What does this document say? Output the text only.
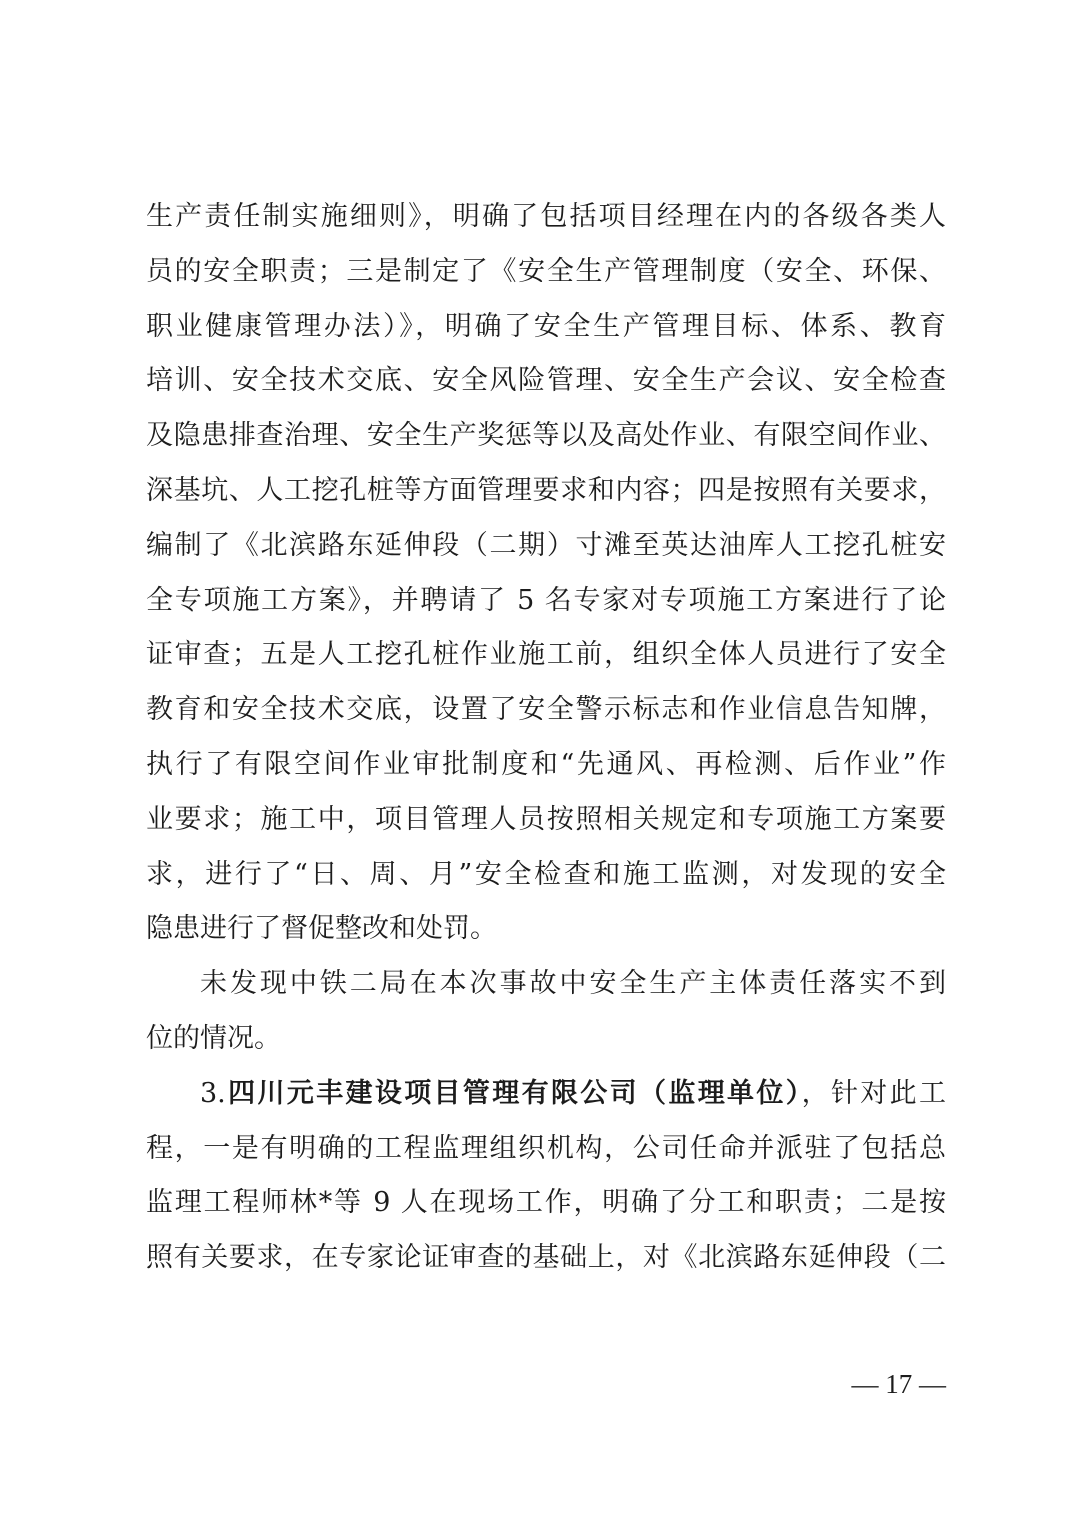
生产责任制实施细则》，明确了包括项目经理在内的各级各类人
员的安全职责；三是制定了《安全生产管理制度（安全、环保、
职业健康管理办法）》，明确了安全生产管理目标、体系、教育
培训、安全技术交底、安全风险管理、安全生产会议、安全检查
及隐患排查治理、安全生产奖惩等以及高处作业、有限空间作业、
深基坑、人工挖孔桩等方面管理要求和内容；四是按照有关要求，
编制了《北滨路东延伸段（二期）寸滩至英达油库人工挖孔桩安
全专项施工方案》，并聘请了 5 名专家对专项施工方案进行了论
证审查；五是人工挖孔桩作业施工前，组织全体人员进行了安全
教育和安全技术交底，设置了安全警示标志和作业信息告知牌，
执行了有限空间作业审批制度和“先通风、再检测、后作业”作
业要求；施工中，项目管理人员按照相关规定和专项施工方案要
求，进行了“日、周、月”安全检查和施工监测，对发现的安全
隐患进行了督促整改和处罚。
未发现中铁二局在本次事故中安全生产主体责任落实不到
位的情况。
3.四川元丰建设项目管理有限公司（监理单位），针对此工
程，一是有明确的工程监理组织机构，公司任命并派驻了包括总
监理工程师林*等 9 人在现场工作，明确了分工和职责；二是按
照有关要求，在专家论证审查的基础上，对《北滨路东延伸段（二
— 17 —
